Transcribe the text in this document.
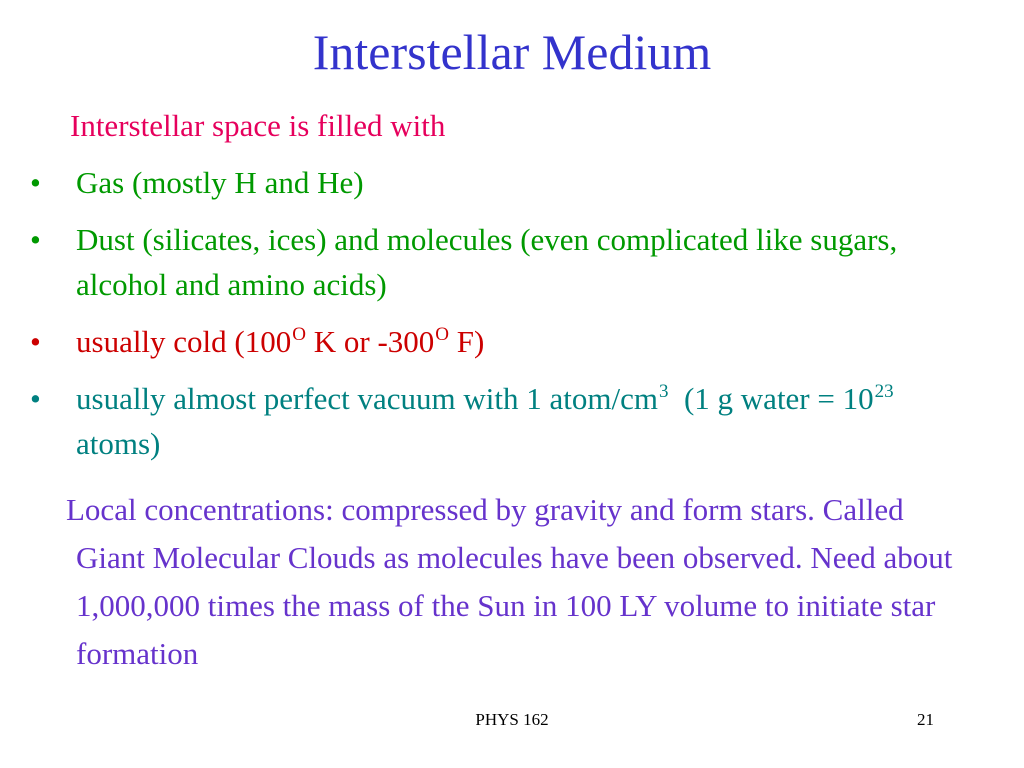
Interstellar Medium
Interstellar space is filled with
• Gas (mostly H and He)
• Dust (silicates, ices) and molecules (even complicated like sugars, alcohol and amino acids)
• usually cold ($100^O$ K or $-300^O$ F)
• usually almost perfect vacuum with 1 atom/$cm^3$  (1 g water = $10^{23}$ atoms)
Local concentrations: compressed by gravity and form stars. Called Giant Molecular Clouds as molecules have been observed. Need about 1,000,000 times the mass of the Sun in 100 LY volume to initiate star formation
PHYS 162	21
